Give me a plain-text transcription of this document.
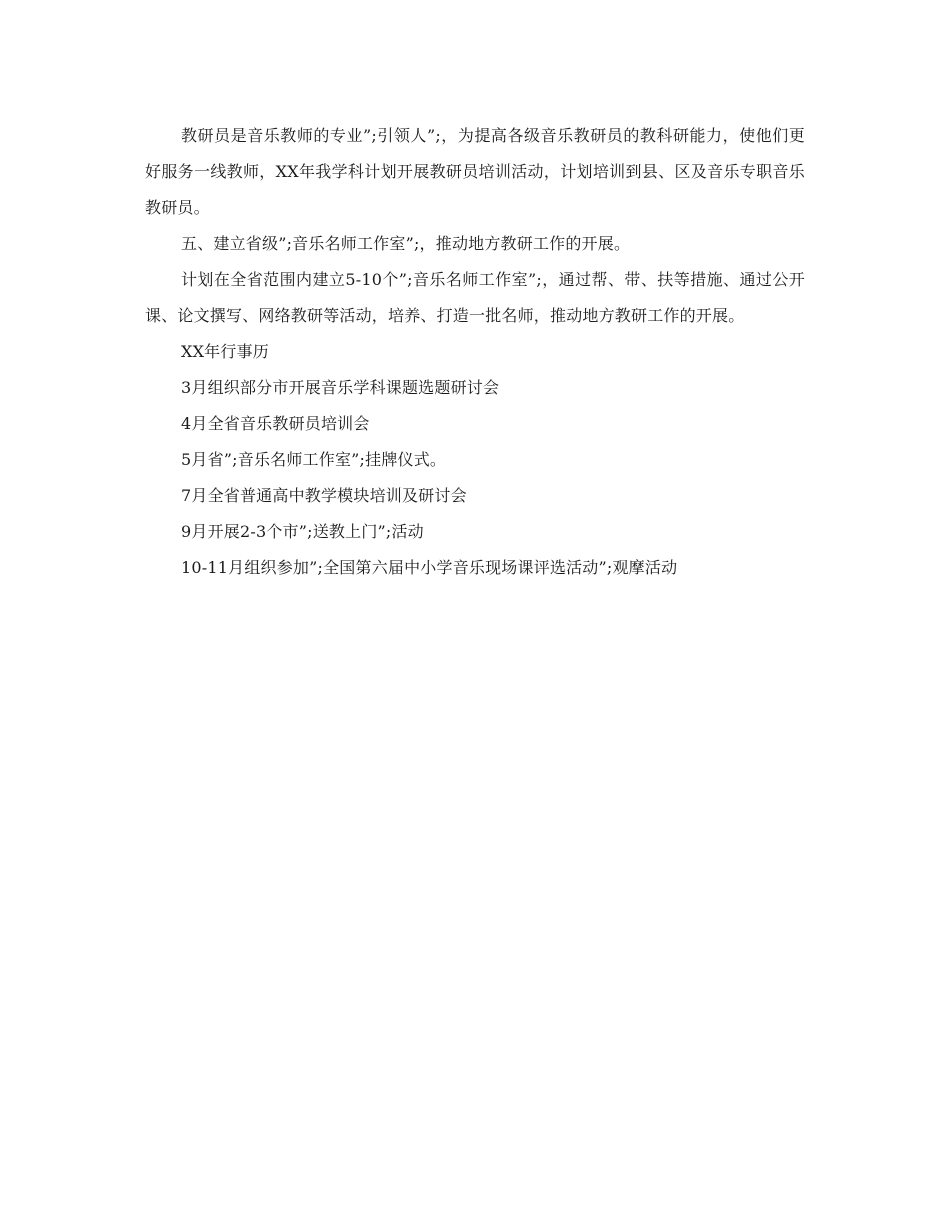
教研员是音乐教师的专业”;引领人”;，为提高各级音乐教研员的教科研能力，使他们更好服务一线教师，XX年我学科计划开展教研员培训活动，计划培训到县、区及音乐专职音乐教研员。

五、建立省级”;音乐名师工作室”;，推动地方教研工作的开展。

计划在全省范围内建立5-10个”;音乐名师工作室”;，通过帮、带、扶等措施、通过公开课、论文撰写、网络教研等活动，培养、打造一批名师，推动地方教研工作的开展。

XX年行事历

3月组织部分市开展音乐学科课题选题研讨会

4月全省音乐教研员培训会

5月省”;音乐名师工作室”;挂牌仪式。

7月全省普通高中教学模块培训及研讨会

9月开展2-3个市”;送教上门”;活动

10-11月组织参加”;全国第六届中小学音乐现场课评选活动”;观摩活动
